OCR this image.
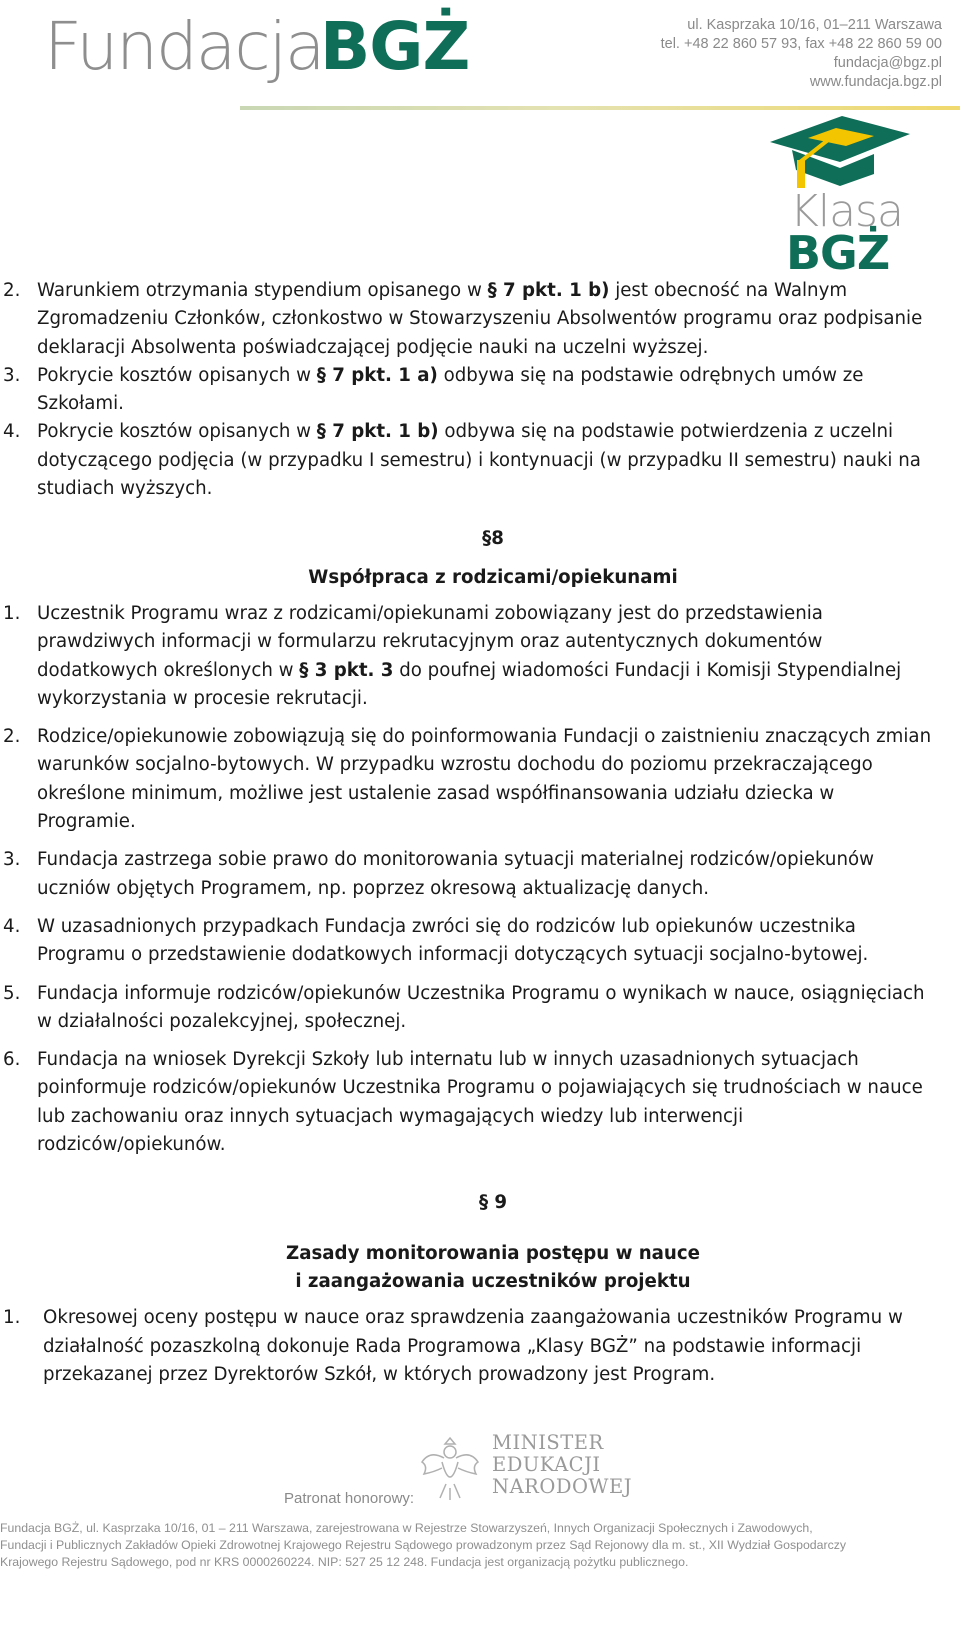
Fundacja
BGŻ	ul. Kasprzaka 10/16, 01–211 Warszawa
tel. +48 22 860 57 93, fax +48 22 860 59 00
fundacja@bgz.pl
www.fundacja.bgz.pl
Klasa
BGŻ

2. Warunkiem otrzymania stypendium opisanego w § 7 pkt. 1 b) jest obecność na Walnym Zgromadzeniu Członków, członkostwo w Stowarzyszeniu Absolwentów programu oraz podpisanie deklaracji Absolwenta poświadczającej podjęcie nauki na uczelni wyższej.

3. Pokrycie kosztów opisanych w § 7 pkt. 1 a) odbywa się na podstawie odrębnych umów ze Szkołami.

4. Pokrycie kosztów opisanych w § 7 pkt. 1 b) odbywa się na podstawie potwierdzenia z uczelni dotyczącego podjęcia (w przypadku I semestru) i kontynuacji (w przypadku II semestru) nauki na studiach wyższych.

§8
Współpraca z rodzicami/opiekunami

1. Uczestnik Programu wraz z rodzicami/opiekunami zobowiązany jest do przedstawienia prawdziwych informacji w formularzu rekrutacyjnym oraz autentycznych dokumentów dodatkowych określonych w § 3 pkt. 3 do poufnej wiadomości Fundacji i Komisji Stypendialnej wykorzystania w procesie rekrutacji.

2. Rodzice/opiekunowie zobowiązują się do poinformowania Fundacji o zaistnieniu znaczących zmian warunków socjalno-bytowych. W przypadku wzrostu dochodu do poziomu przekraczającego określone minimum, możliwe jest ustalenie zasad współfinansowania udziału dziecka w Programie.

3. Fundacja zastrzega sobie prawo do monitorowania sytuacji materialnej rodziców/opiekunów uczniów objętych Programem, np. poprzez okresową aktualizację danych.

4. W uzasadnionych przypadkach Fundacja zwróci się do rodziców lub opiekunów uczestnika Programu o przedstawienie dodatkowych informacji dotyczących sytuacji socjalno-bytowej.

5. Fundacja informuje rodziców/opiekunów Uczestnika Programu o wynikach w nauce, osiągnięciach w działalności pozalekcyjnej, społecznej.

6. Fundacja na wniosek Dyrekcji Szkoły lub internatu lub w innych uzasadnionych sytuacjach poinformuje rodziców/opiekunów Uczestnika Programu o pojawiających się trudnościach w nauce lub zachowaniu oraz innych sytuacjach wymagających wiedzy lub interwencji rodziców/opiekunów.

§ 9
Zasady monitorowania postępu w nauce
i zaangażowania uczestników projektu

1. Okresowej oceny postępu w nauce oraz sprawdzenia zaangażowania uczestników Programu w działalność pozaszkolną dokonuje Rada Programowa „Klasy BGŻ” na podstawie informacji przekazanej przez Dyrektorów Szkół, w których prowadzony jest Program.

Patronat honorowy:
MINISTER
EDUKACJI
NARODOWEJ
Fundacja BGŻ, ul. Kasprzaka 10/16, 01 – 211 Warszawa, zarejestrowana w Rejestrze Stowarzyszeń, Innych Organizacji Społecznych i Zawodowych,
Fundacji i Publicznych Zakładów Opieki Zdrowotnej Krajowego Rejestru Sądowego prowadzonym przez Sąd Rejonowy dla m. st., XII Wydział Gospodarczy
Krajowego Rejestru Sądowego, pod nr KRS 0000260224. NIP: 527 25 12 248. Fundacja jest organizacją pożytku publicznego.
